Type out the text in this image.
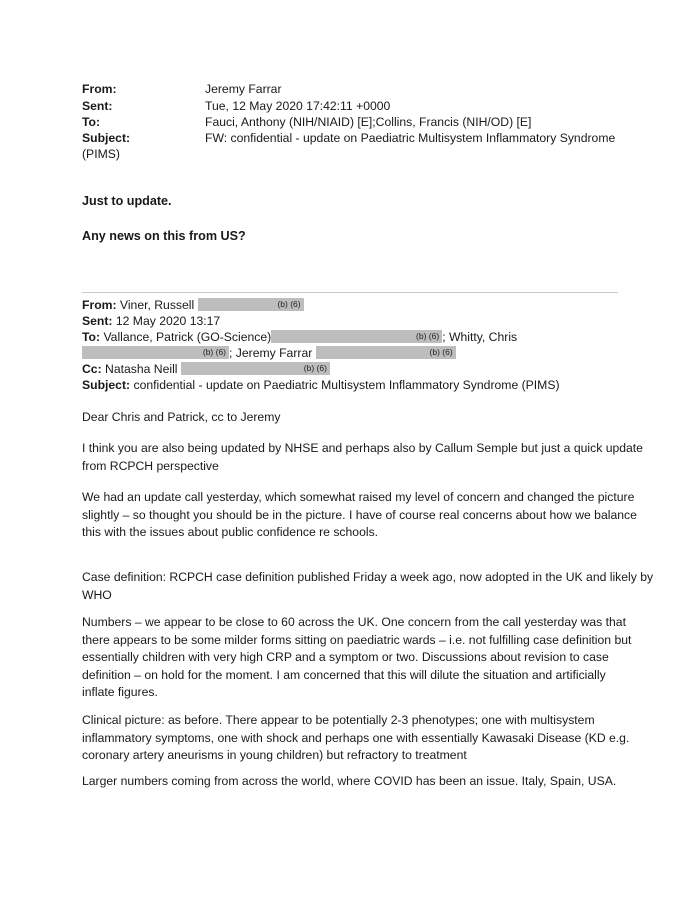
From:	Jeremy Farrar
Sent:	Tue, 12 May 2020 17:42:11 +0000
To:	Fauci, Anthony (NIH/NIAID) [E];Collins, Francis (NIH/OD) [E]
Subject:	FW: confidential - update on Paediatric Multisystem Inflammatory Syndrome
(PIMS)
Just to update.
Any news on this from US?
From: Viner, Russell	(b) (6)
Sent: 12 May 2020 13:17
To: Vallance, Patrick (GO-Science)	(b) (6) ; Whitty, Chris
(b) (6) ; Jeremy Farrar	(b) (6)
Cc: Natasha Neill	(b) (6)
Subject: confidential - update on Paediatric Multisystem Inflammatory Syndrome (PIMS)
Dear Chris and Patrick, cc to Jeremy
I think you are also being updated by NHSE and perhaps also by Callum Semple but just a quick update
from RCPCH perspective
We had an update call yesterday, which somewhat raised my level of concern and changed the picture
slightly – so thought you should be in the picture. I have of course real concerns about how we balance
this with the issues about public confidence re schools.
Case definition: RCPCH case definition published Friday a week ago, now adopted in the UK and likely by
WHO
Numbers – we appear to be close to 60 across the UK. One concern from the call yesterday was that
there appears to be some milder forms sitting on paediatric wards – i.e. not fulfilling case definition but
essentially children with very high CRP and a symptom or two. Discussions about revision to case
definition – on hold for the moment. I am concerned that this will dilute the situation and artificially
inflate figures.
Clinical picture: as before. There appear to be potentially 2-3 phenotypes; one with multisystem
inflammatory symptoms, one with shock and perhaps one with essentially Kawasaki Disease (KD e.g.
coronary artery aneurisms in young children) but refractory to treatment
Larger numbers coming from across the world, where COVID has been an issue. Italy, Spain, USA.
